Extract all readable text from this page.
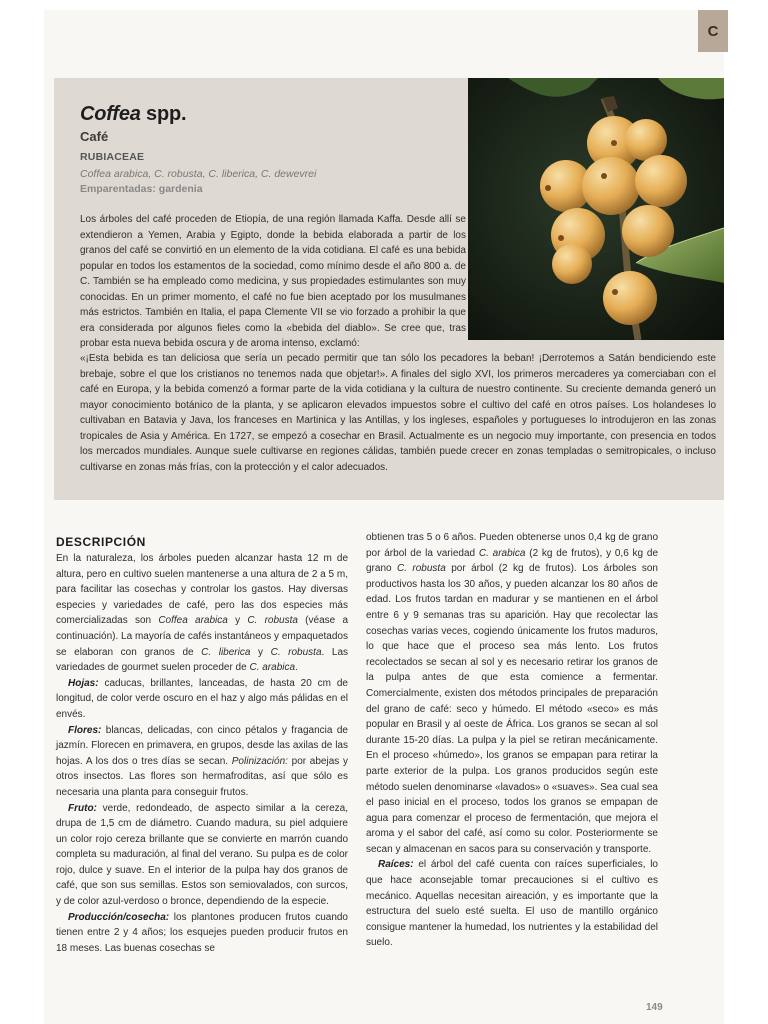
C
Coffea spp.
Café
RUBIACEAE
Coffea arabica, C. robusta, C. liberica, C. dewevrei
Emparentadas: gardenia

Los árboles del café proceden de Etiopía, de una región llamada Kaffa. Desde allí se extendieron a Yemen, Arabia y Egipto, donde la bebida elaborada a partir de los granos del café se convirtió en un elemento de la vida cotidiana. El café es una bebida popular en todos los estamentos de la sociedad, como mínimo desde el año 800 a. de C. También se ha empleado como medicina, y sus propiedades estimulantes son muy conocidas. En un primer momento, el café no fue bien aceptado por los musulmanes más estrictos. También en Italia, el papa Clemente VII se vio forzado a prohibir la que era considerada por algunos fieles como la «bebida del diablo». Se cree que, tras probar esta nueva bebida oscura y de aroma intenso, exclamó:

«¡Esta bebida es tan deliciosa que sería un pecado permitir que tan sólo los pecadores la beban! ¡Derrotemos a Satán bendiciendo este brebaje, sobre el que los cristianos no tenemos nada que objetar!». A finales del siglo XVI, los primeros mercaderes ya comerciaban con el café en Europa, y la bebida comenzó a formar parte de la vida cotidiana y la cultura de nuestro continente. Su creciente demanda generó un mayor conocimiento botánico de la planta, y se aplicaron elevados impuestos sobre el cultivo del café en otros países. Los holandeses lo cultivaban en Batavia y Java, los franceses en Martinica y las Antillas, y los ingleses, españoles y portugueses lo introdujeron en las zonas tropicales de Asia y América. En 1727, se empezó a cosechar en Brasil. Actualmente es un negocio muy importante, con presencia en todos los mercados mundiales. Aunque suele cultivarse en regiones cálidas, también puede crecer en zonas templadas o semitropicales, o incluso cultivarse en zonas más frías, con la protección y el calor adecuados.

DESCRIPCIÓN

En la naturaleza, los árboles pueden alcanzar hasta 12 m de altura, pero en cultivo suelen mantenerse a una altura de 2 a 5 m, para facilitar las cosechas y controlar los gastos. Hay diversas especies y variedades de café, pero las dos especies más comercializadas son Coffea arabica y C. robusta (véase a continuación). La mayoría de cafés instantáneos y empaquetados se elaboran con granos de C. liberica y C. robusta. Las variedades de gourmet suelen proceder de C. arabica.

Hojas: caducas, brillantes, lanceadas, de hasta 20 cm de longitud, de color verde oscuro en el haz y algo más pálidas en el envés.

Flores: blancas, delicadas, con cinco pétalos y fragancia de jazmín. Florecen en primavera, en grupos, desde las axilas de las hojas. A los dos o tres días se secan. Polinización: por abejas y otros insectos. Las flores son hermafroditas, así que sólo es necesaria una planta para conseguir frutos.

Fruto: verde, redondeado, de aspecto similar a la cereza, drupa de 1,5 cm de diámetro. Cuando madura, su piel adquiere un color rojo cereza brillante que se convierte en marrón cuando completa su maduración, al final del verano. Su pulpa es de color rojo, dulce y suave. En el interior de la pulpa hay dos granos de café, que son sus semillas. Estos son semiovalados, con surcos, y de color azul-verdoso o bronce, dependiendo de la especie.

Producción/cosecha: los plantones producen frutos cuando tienen entre 2 y 4 años; los esquejes pueden producir frutos en 18 meses. Las buenas cosechas se

obtienen tras 5 o 6 años. Pueden obtenerse unos 0,4 kg de grano por árbol de la variedad C. arabica (2 kg de frutos), y 0,6 kg de grano C. robusta por árbol (2 kg de frutos). Los árboles son productivos hasta los 30 años, y pueden alcanzar los 80 años de edad. Los frutos tardan en madurar y se mantienen en el árbol entre 6 y 9 semanas tras su aparición. Hay que recolectar las cosechas varias veces, cogiendo únicamente los frutos maduros, lo que hace que el proceso sea más lento. Los frutos recolectados se secan al sol y es necesario retirar los granos de la pulpa antes de que esta comience a fermentar. Comercialmente, existen dos métodos principales de preparación del grano de café: seco y húmedo. El método «seco» es más popular en Brasil y al oeste de África. Los granos se secan al sol durante 15-20 días. La pulpa y la piel se retiran mecánicamente. En el proceso «húmedo», los granos se empapan para retirar la parte exterior de la pulpa. Los granos producidos según este método suelen denominarse «lavados» o «suaves». Sea cual sea el paso inicial en el proceso, todos los granos se empapan de agua para comenzar el proceso de fermentación, que mejora el aroma y el sabor del café, así como su color. Posteriormente se secan y almacenan en sacos para su conservación y transporte.

Raíces: el árbol del café cuenta con raíces superficiales, lo que hace aconsejable tomar precauciones si el cultivo es mecánico. Aquellas necesitan aireación, y es importante que la estructura del suelo esté suelta. El uso de mantillo orgánico consigue mantener la humedad, los nutrientes y la estabilidad del suelo.

149
